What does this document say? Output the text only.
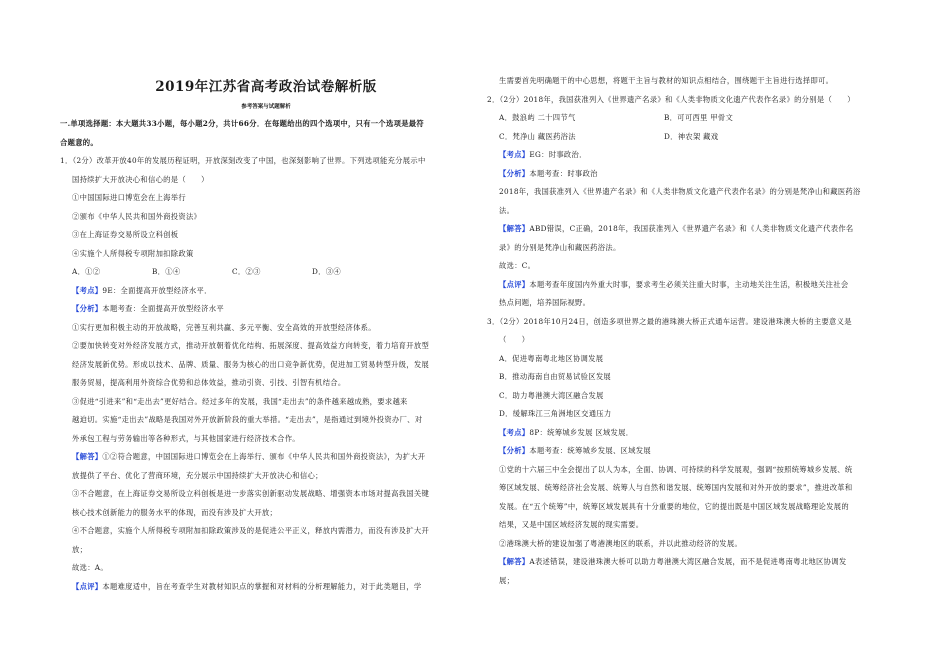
2019年江苏省高考政治试卷解析版
参考答案与试题解析

一.单项选择题：本大题共33小题，每小题2分，共计66分．在每题给出的四个选项中，只有一个选项是最符

合题意的。

1．（2分）改革开放40年的发展历程证明，开放深刻改变了中国，也深刻影响了世界。下列选项能充分展示中

国持续扩大开放决心和信心的是（　　）

①中国国际进口博览会在上海举行

②颁布《中华人民共和国外商投资法》

③在上海证券交易所设立科创板

④实施个人所得税专项附加扣除政策

A．①②	B．①④	C．②③	D．③④

【考点】9E：全面提高开放型经济水平．

【分析】本题考查：全面提高开放型经济水平

①实行更加积极主动的开放战略，完善互利共赢、多元平衡、安全高效的开放型经济体系。

②要加快转变对外经济发展方式，推动开放朝着优化结构、拓展深度、提高效益方向转变，着力培育开放型

经济发展新优势。形成以技术、品牌、质量、服务为核心的出口竞争新优势，促进加工贸易转型升级，发展

服务贸易，提高利用外资综合优势和总体效益，推动引资、引技、引智有机结合。

③促进“引进来”和“走出去”更好结合。经过多年的发展，我国“走出去”的条件越来越成熟，要求越来

越迫切。实施“走出去”战略是我国对外开放新阶段的重大举措。“走出去”，是指通过到境外投资办厂、对

外承包工程与劳务输出等各种形式，与其他国家进行经济技术合作。

【解答】①②符合题意，中国国际进口博览会在上海举行、颁布《中华人民共和国外商投资法》，为扩大开

放提供了平台、优化了营商环境，充分展示中国持续扩大开放决心和信心；

③不合题意，在上海证券交易所设立科创板是进一步落实创新驱动发展战略、增强资本市场对提高我国关键

核心技术创新能力的服务水平的体现，而没有涉及扩大开放；

④不合题意，实施个人所得税专项附加扣除政策涉及的是促进公平正义，释放内需潜力，而没有涉及扩大开

放；

故选：A。

【点评】本题难度适中，旨在考查学生对教材知识点的掌握和对材料的分析理解能力，对于此类题目，学

生需要首先明确题干的中心思想，将题干主旨与教材的知识点相结合，围绕题干主旨进行选择即可。

2．（2分）2018年，我国获准列入《世界遗产名录》和《人类非物质文化遗产代表作名录》的分别是（　　）

A．鼓浪屿 二十四节气	B．可可西里 甲骨文

C．梵净山 藏医药浴法	D．神农架 藏戏

【考点】EG：时事政治．

【分析】本题考查：时事政治

2018年，我国获准列入《世界遗产名录》和《人类非物质文化遗产代表作名录》的分别是梵净山和藏医药浴

法。

【解答】ABD错误，C正确，2018年，我国获准列入《世界遗产名录》和《人类非物质文化遗产代表作名

录》的分别是梵净山和藏医药浴法。

故选：C。

【点评】本题考查年度国内外重大时事，要求考生必须关注重大时事，主动地关注生活，积极地关注社会

热点问题，培养国际视野。

3．（2分）2018年10月24日，创造多项世界之最的港珠澳大桥正式通车运营。建设港珠澳大桥的主要意义是

（　　）

A．促进粤南粤北地区协调发展

B．推动海南自由贸易试验区发展

C．助力粤港澳大湾区融合发展

D．缓解珠江三角洲地区交通压力

【考点】8P：统筹城乡发展 区域发展．

【分析】本题考查：统筹城乡发展、区域发展

①党的十六届三中全会提出了以人为本，全面、协调、可持续的科学发展观，强调“按照统筹城乡发展、统

筹区域发展、统筹经济社会发展、统筹人与自然和谐发展、统筹国内发展和对外开放的要求”，推进改革和

发展。在“五个统筹”中，统筹区域发展具有十分重要的地位，它的提出既是中国区域发展战略理论发展的

结果，又是中国区域经济发展的现实需要。

②港珠澳大桥的建设加强了粤港澳地区的联系，并以此推动经济的发展。

【解答】A表述错误，建设港珠澳大桥可以助力粤港澳大湾区融合发展，而不是促进粤南粤北地区协调发

展；
